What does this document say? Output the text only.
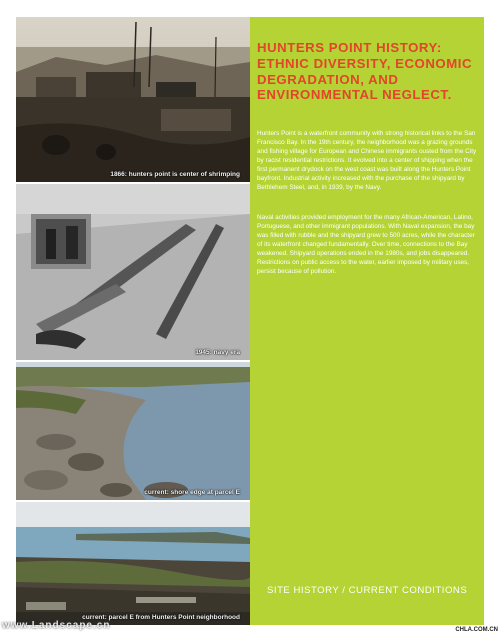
1866: hunters point is center of shrimping
1945: navy era
current: shore edge at parcel E
current: parcel E from Hunters Point neighborhood
HUNTERS POINT HISTORY: ETHNIC DIVERSITY, ECONOMIC DEGRADATION, AND ENVIRONMENTAL NEGLECT.

Hunters Point is a waterfront community with strong historical links to the San Francisco Bay. In the 19th century, the neighborhood was a grazing grounds and fishing village for European and Chinese immigrants ousted from the City by racist residential restrictions. It evolved into a center of shipping when the first permanent drydock on the west coast was built along the Hunters Point bayfront. Industrial activity increased with the purchase of the shipyard by Bethlehem Steel, and, in 1939, by the Navy.

Naval activities provided employment for the many African-American, Latino, Portuguese, and other immigrant populations. With Naval expansion, the bay was filled with rubble and the shipyard grew to 500 acres, while the character of its waterfront changed fundamentally. Over time, connections to the Bay weakened. Shipyard operations ended in the 1980s, and jobs disappeared. Restrictions on public access to the water, earlier imposed by military uses, persist because of pollution.

SITE HISTORY / CURRENT CONDITIONS
www.Landscape.cn	CHLA.COM.CN
